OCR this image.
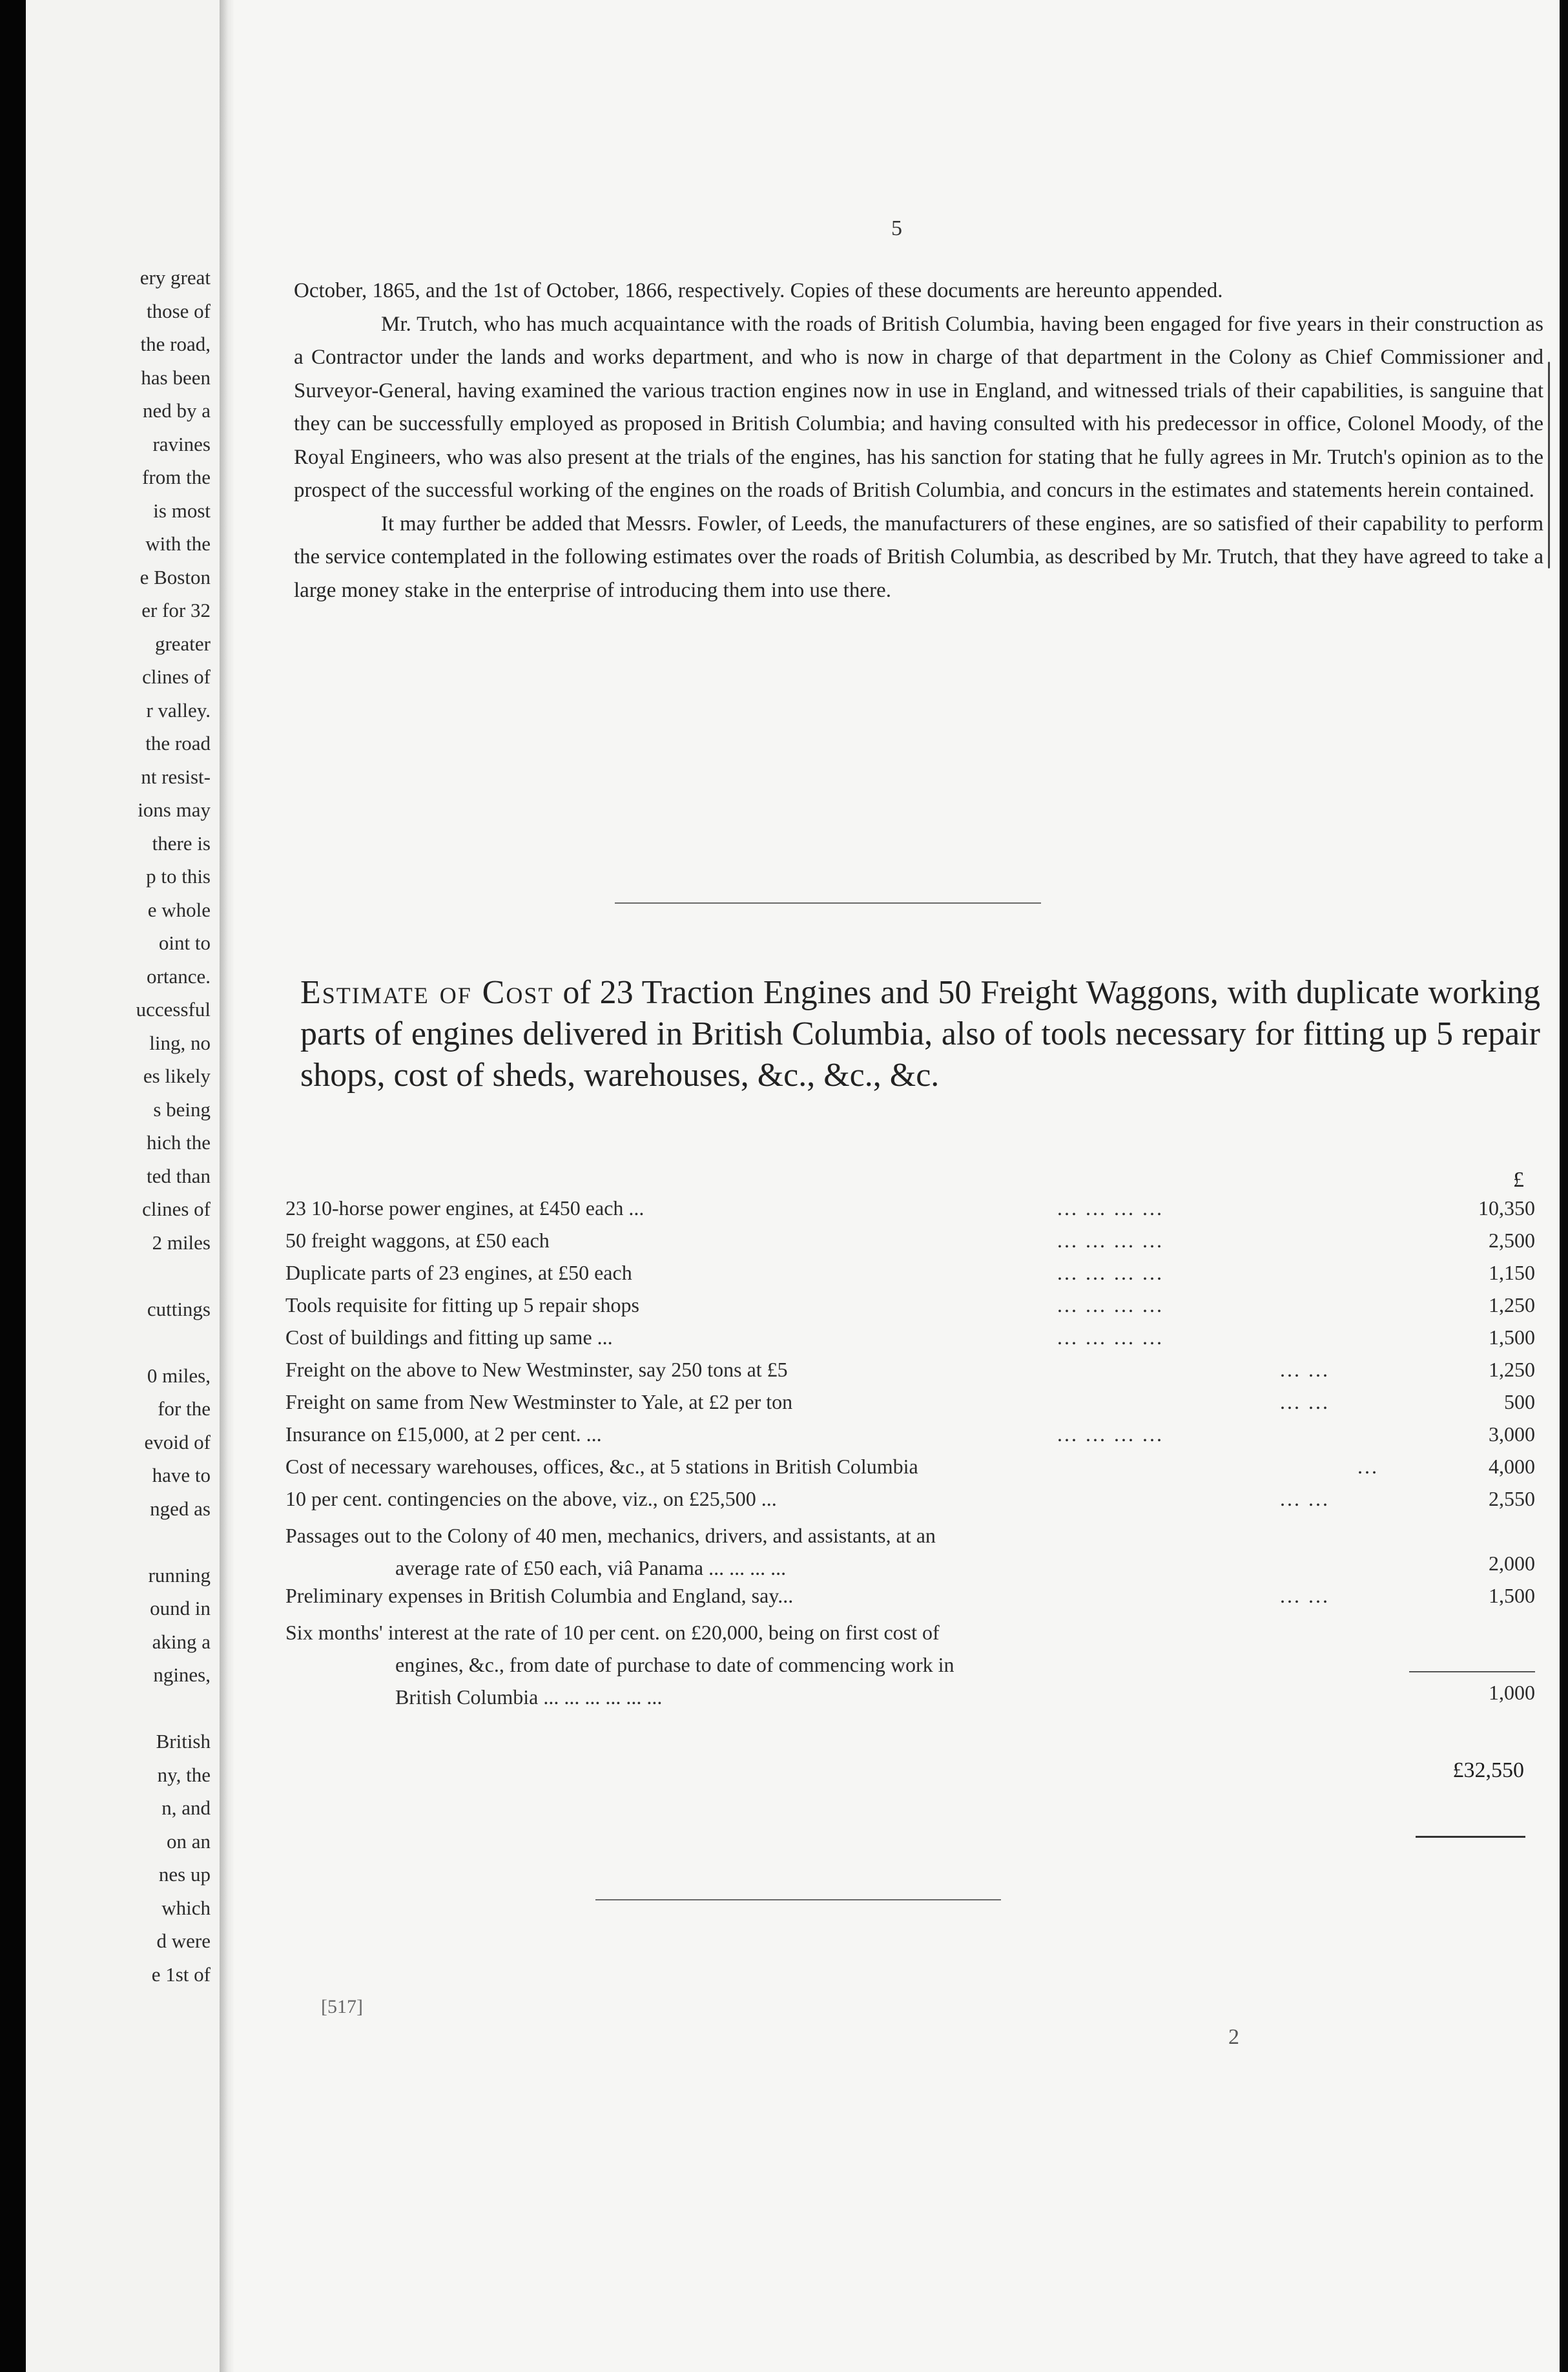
ery great
those of
the road,
has been
ned by a
ravines
from the
is most
with the
e Boston
er for 32
greater
clines of
r valley.
the road
nt resist-
ions may
there is
p to this
e whole
oint to
ortance.
uccessful
ling, no
es likely
s being
hich the
ted than
clines of
2 miles
cuttings
0 miles,
for the
evoid of
have to
nged as
running
ound in
aking a
ngines,
British
ny, the
n, and
on an
nes up
which
d were
e 1st of
5

October, 1865, and the 1st of October, 1866, respectively. Copies of these documents are hereunto appended.

Mr. Trutch, who has much acquaintance with the roads of British Columbia, having been engaged for five years in their construction as a Contractor under the lands and works department, and who is now in charge of that department in the Colony as Chief Commissioner and Surveyor-General, having examined the various traction engines now in use in England, and witnessed trials of their capabilities, is sanguine that they can be successfully employed as proposed in British Columbia; and having consulted with his predecessor in office, Colonel Moody, of the Royal Engineers, who was also present at the trials of the engines, has his sanction for stating that he fully agrees in Mr. Trutch's opinion as to the prospect of the successful working of the engines on the roads of British Columbia, and concurs in the estimates and statements herein contained.

It may further be added that Messrs. Fowler, of Leeds, the manufacturers of these engines, are so satisfied of their capability to perform the service contemplated in the following estimates over the roads of British Columbia, as described by Mr. Trutch, that they have agreed to take a large money stake in the enterprise of introducing them into use there.

Estimate of Cost of 23 Traction Engines and 50 Freight Waggons, with duplicate working parts of engines delivered in British Columbia, also of tools necessary for fitting up 5 repair shops, cost of sheds, warehouses, &c., &c., &c.
£
23 10-horse power engines, at £450 each ...	... ... ... ...	10,350
50 freight waggons, at £50 each	... ... ... ...	2,500
Duplicate parts of 23 engines, at £50 each	... ... ... ...	1,150
Tools requisite for fitting up 5 repair shops	... ... ... ...	1,250
Cost of buildings and fitting up same ...	... ... ... ...	1,500
Freight on the above to New Westminster, say 250 tons at £5	... ...	1,250
Freight on same from New Westminster to Yale, at £2 per ton	... ...	500
Insurance on £15,000, at 2 per cent. ...	... ... ... ...	3,000
Cost of necessary warehouses, offices, &c., at 5 stations in British Columbia	...	4,000
10 per cent. contingencies on the above, viz., on £25,500 ...	... ...	2,550
Passages out to the Colony of 40 men, mechanics, drivers, and assistants, at an
average rate of £50 each, viâ Panama ... ... ... ...	2,000
Preliminary expenses in British Columbia and England, say...	... ...	1,500
Six months' interest at the rate of 10 per cent. on £20,000, being on first cost of
engines, &c., from date of purchase to date of commencing work in
British Columbia ... ... ... ... ... ...	1,000
£32,550
[517]
2
